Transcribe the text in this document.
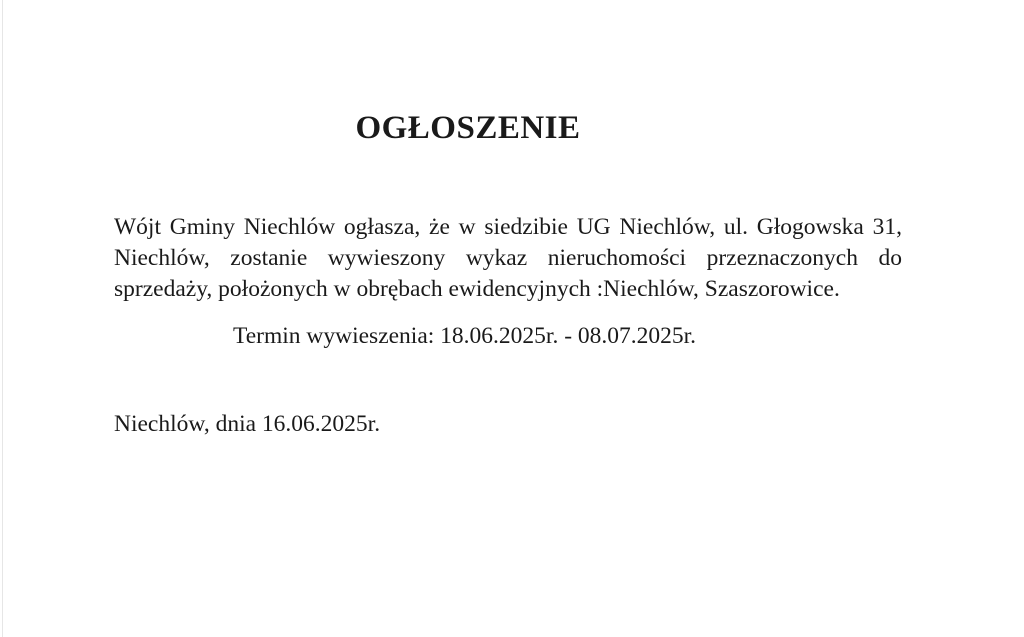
OGŁOSZENIE

Wójt Gminy Niechlów ogłasza, że w siedzibie UG Niechlów, ul. Głogowska 31, Niechlów, zostanie wywieszony wykaz nieruchomości przeznaczonych do sprzedaży, położonych w obrębach ewidencyjnych :Niechlów, Szaszorowice.

Termin wywieszenia: 18.06.2025r. - 08.07.2025r.

Niechlów, dnia 16.06.2025r.
